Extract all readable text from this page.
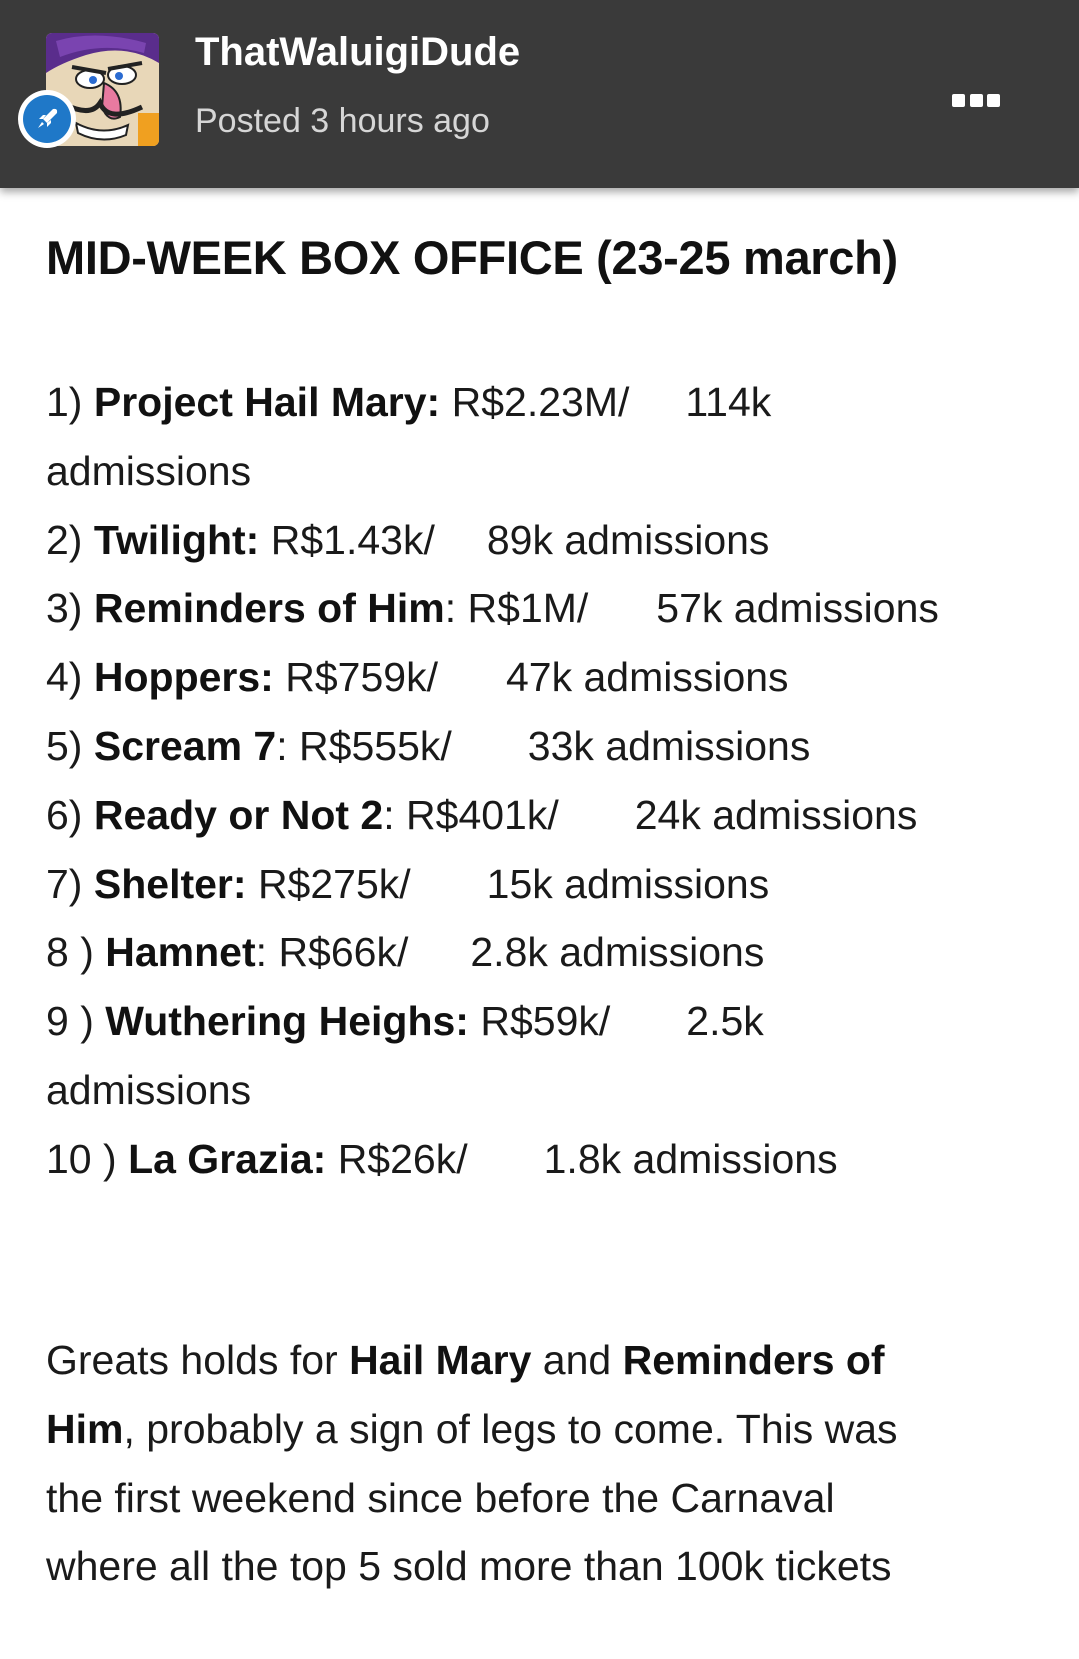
ThatWaluigiDude
Posted 3 hours ago
MID-WEEK BOX OFFICE (23-25 march)
1) Project Hail Mary: R$2.23M/ 114k
admissions
2) Twilight: R$1.43k/ 89k admissions
3) Reminders of Him: R$1M/ 57k admissions
4) Hoppers: R$759k/ 47k admissions
5) Scream 7: R$555k/ 33k admissions
6) Ready or Not 2: R$401k/ 24k admissions
7) Shelter: R$275k/ 15k admissions
8 ) Hamnet: R$66k/ 2.8k admissions
9 ) Wuthering Heighs: R$59k/ 2.5k
admissions
10 ) La Grazia: R$26k/ 1.8k admissions
Greats holds for Hail Mary and Reminders of
Him, probably a sign of legs to come. This was
the first weekend since before the Carnaval
where all the top 5 sold more than 100k tickets
